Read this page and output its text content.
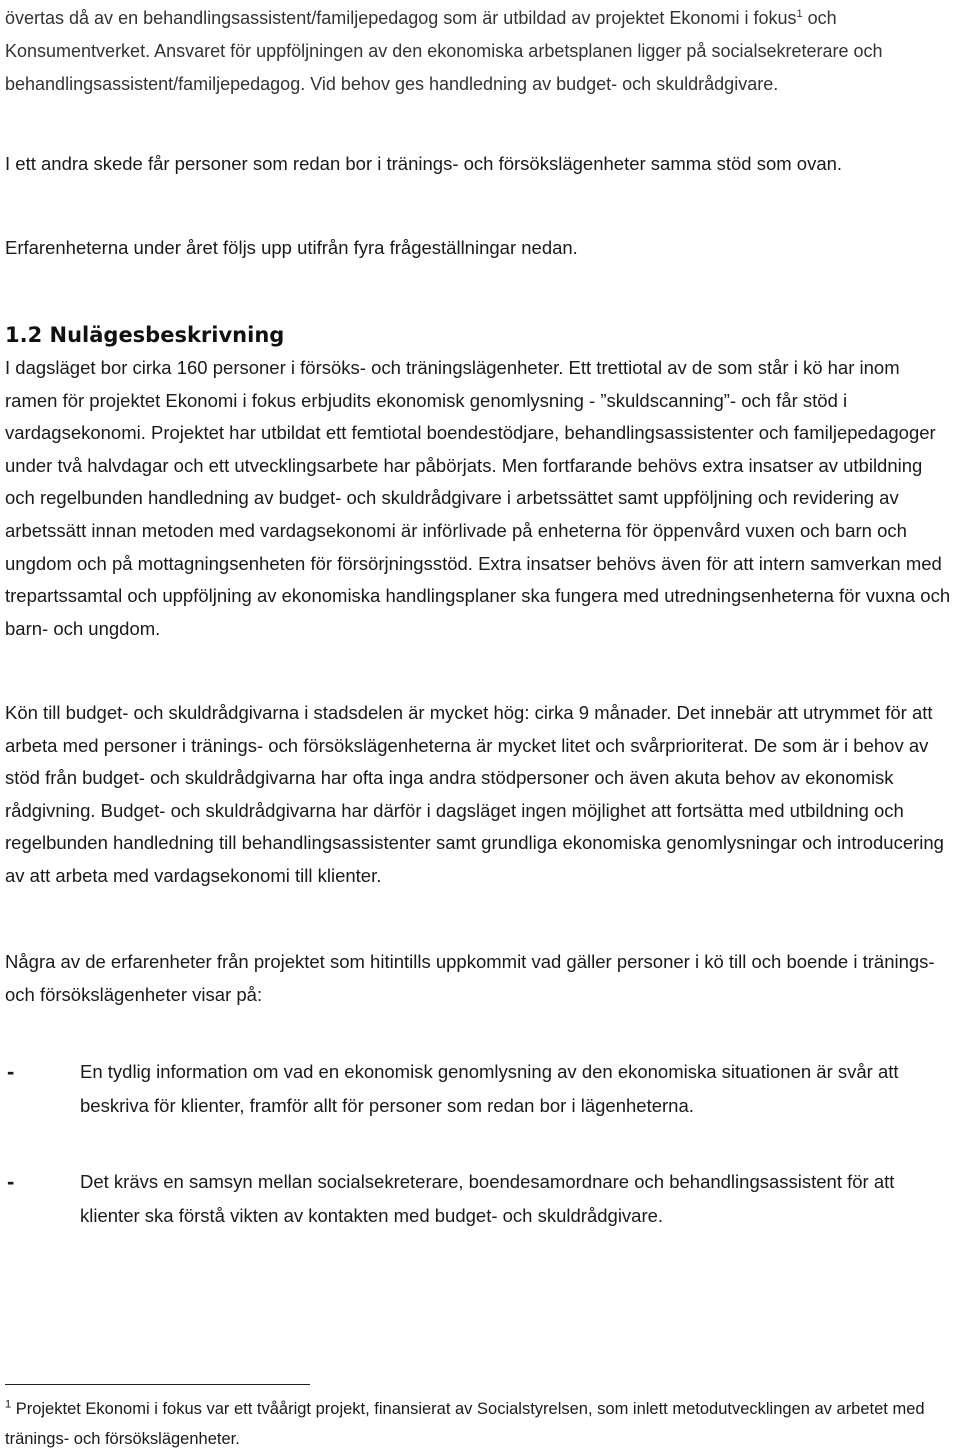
övertas då av en behandlingsassistent/familjepedagog som är utbildad av projektet Ekonomi i fokus$^1$ och Konsumentverket. Ansvaret för uppföljningen av den ekonomiska arbetsplanen ligger på socialsekreterare och behandlingsassistent/familjepedagog. Vid behov ges handledning av budget- och skuldrådgivare.
I ett andra skede får personer som redan bor i tränings- och försökslägenheter samma stöd som ovan.
Erfarenheterna under året följs upp utifrån fyra frågeställningar nedan.
1.2 Nulägesbeskrivning
I dagsläget bor cirka 160 personer i försöks- och träningslägenheter. Ett trettiotal av de som står i kö har inom ramen för projektet Ekonomi i fokus erbjudits ekonomisk genomlysning - ”skuldscanning”- och får stöd i vardagsekonomi. Projektet har utbildat ett femtiotal boendestödjare, behandlingsassistenter och familjepedagoger under två halvdagar och ett utvecklingsarbete har påbörjats. Men fortfarande behövs extra insatser av utbildning och regelbunden handledning av budget- och skuldrådgivare i arbetssättet samt uppföljning och revidering av arbetssätt innan metoden med vardagsekonomi är införlivade på enheterna för öppenvård vuxen och barn och ungdom och på mottagningsenheten för försörjningsstöd. Extra insatser behövs även för att intern samverkan med trepartssamtal och uppföljning av ekonomiska handlingsplaner ska fungera med utredningsenheterna för vuxna och barn- och ungdom.
Kön till budget- och skuldrådgivarna i stadsdelen är mycket hög: cirka 9 månader. Det innebär att utrymmet för att arbeta med personer i tränings- och försökslägenheterna är mycket litet och svårprioriterat. De som är i behov av stöd från budget- och skuldrådgivarna har ofta inga andra stödpersoner och även akuta behov av ekonomisk rådgivning. Budget- och skuldrådgivarna har därför i dagsläget ingen möjlighet att fortsätta med utbildning och regelbunden handledning till behandlingsassistenter samt grundliga ekonomiska genomlysningar och introducering av att arbeta med vardagsekonomi till klienter.
Några av de erfarenheter från projektet som hitintills uppkommit vad gäller personer i kö till och boende i tränings- och försökslägenheter visar på:
-	En tydlig information om vad en ekonomisk genomlysning av den ekonomiska situationen är svår att beskriva för klienter, framför allt för personer som redan bor i lägenheterna.
-	Det krävs en samsyn mellan socialsekreterare, boendesamordnare och behandlingsassistent för att klienter ska förstå vikten av kontakten med budget- och skuldrådgivare.
$^1$ Projektet Ekonomi i fokus var ett tvåårigt projekt, finansierat av Socialstyrelsen, som inlett metodutvecklingen av arbetet med tränings- och försökslägenheter.
